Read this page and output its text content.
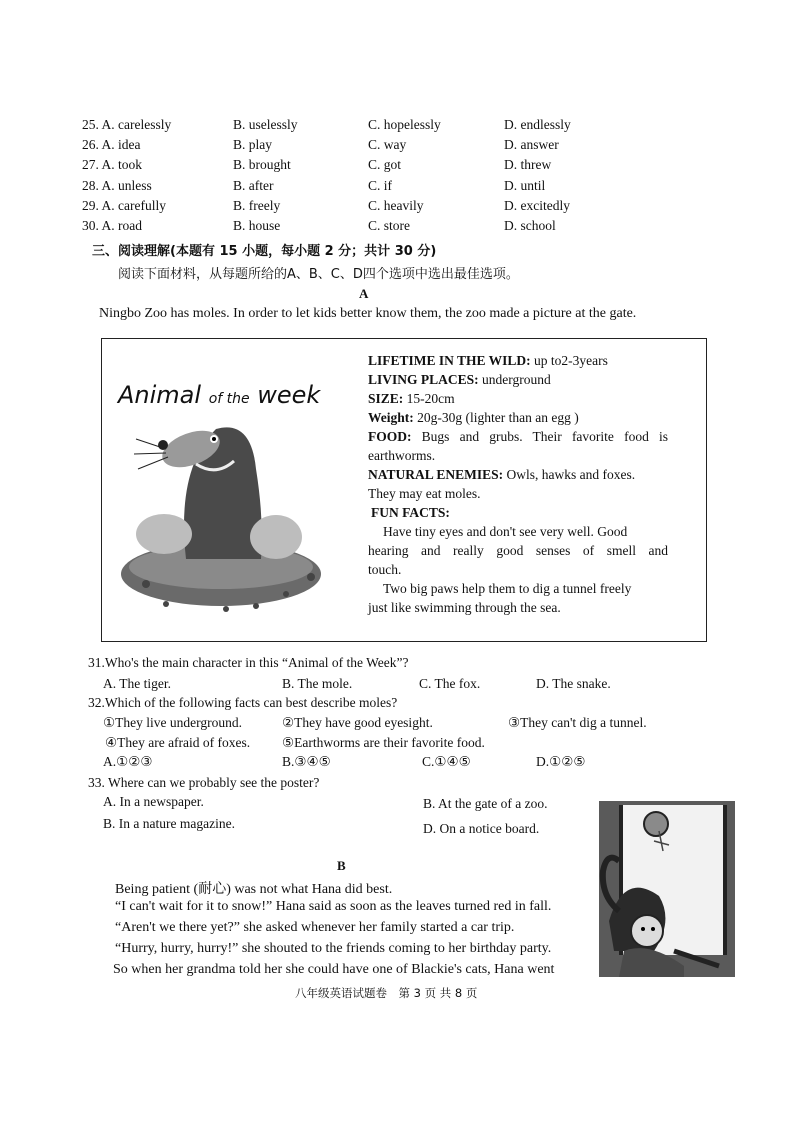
25. A. carelessly	B. uselessly	C. hopelessly	D. endlessly
26. A. idea	B. play	C. way	D. answer
27. A. took	B. brought	C. got	D. threw
28. A. unless	B. after	C. if	D. until
29. A. carefully	B. freely	C. heavily	D. excitedly
30. A. road	B. house	C. store	D. school
三、阅读理解(本题有 15 小题，每小题 2 分；共计 30 分)
阅读下面材料，从每题所给的A、B、C、D四个选项中选出最佳选项。
A
Ningbo Zoo has moles. In order to let kids better know them, the zoo made a picture at the gate.
Animal of the week
LIFETIME IN THE WILD: up to2-3years
LIVING PLACES: underground
SIZE: 15-20cm
Weight: 20g-30g (lighter than an egg )
FOOD: Bugs and grubs. Their favorite food is
earthworms.
NATURAL ENEMIES: Owls, hawks and foxes.
They may eat moles.
FUN FACTS:
Have tiny eyes and don't see very well. Good
hearing and really good senses of smell and
touch.
Two big paws help them to dig a tunnel freely
just like swimming through the sea.
31.Who's the main character in this “Animal of the Week”?
A. The tiger.	B. The mole.	C. The fox.	D. The snake.
32.Which of the following facts can best describe moles?
①They live underground.	②They have good eyesight.	③They can't dig a tunnel.
④They are afraid of foxes. ⑤Earthworms are their favorite food.
A.①②③	B.③④⑤	C.①④⑤	D.①②⑤
33. Where can we probably see the poster?
A. In a newspaper.	B. At the gate of a zoo.
B. In a nature magazine.	D. On a notice board.
B
Being patient (耐心) was not what Hana did best.
“I can't wait for it to snow!” Hana said as soon as the leaves turned red in fall.
“Aren't we there yet?” she asked whenever her family started a car trip.
“Hurry, hurry, hurry!” she shouted to the friends coming to her birthday party.
So when her grandma told her she could have one of Blackie's cats, Hana went
八年级英语试题卷　第 3 页 共 8 页
